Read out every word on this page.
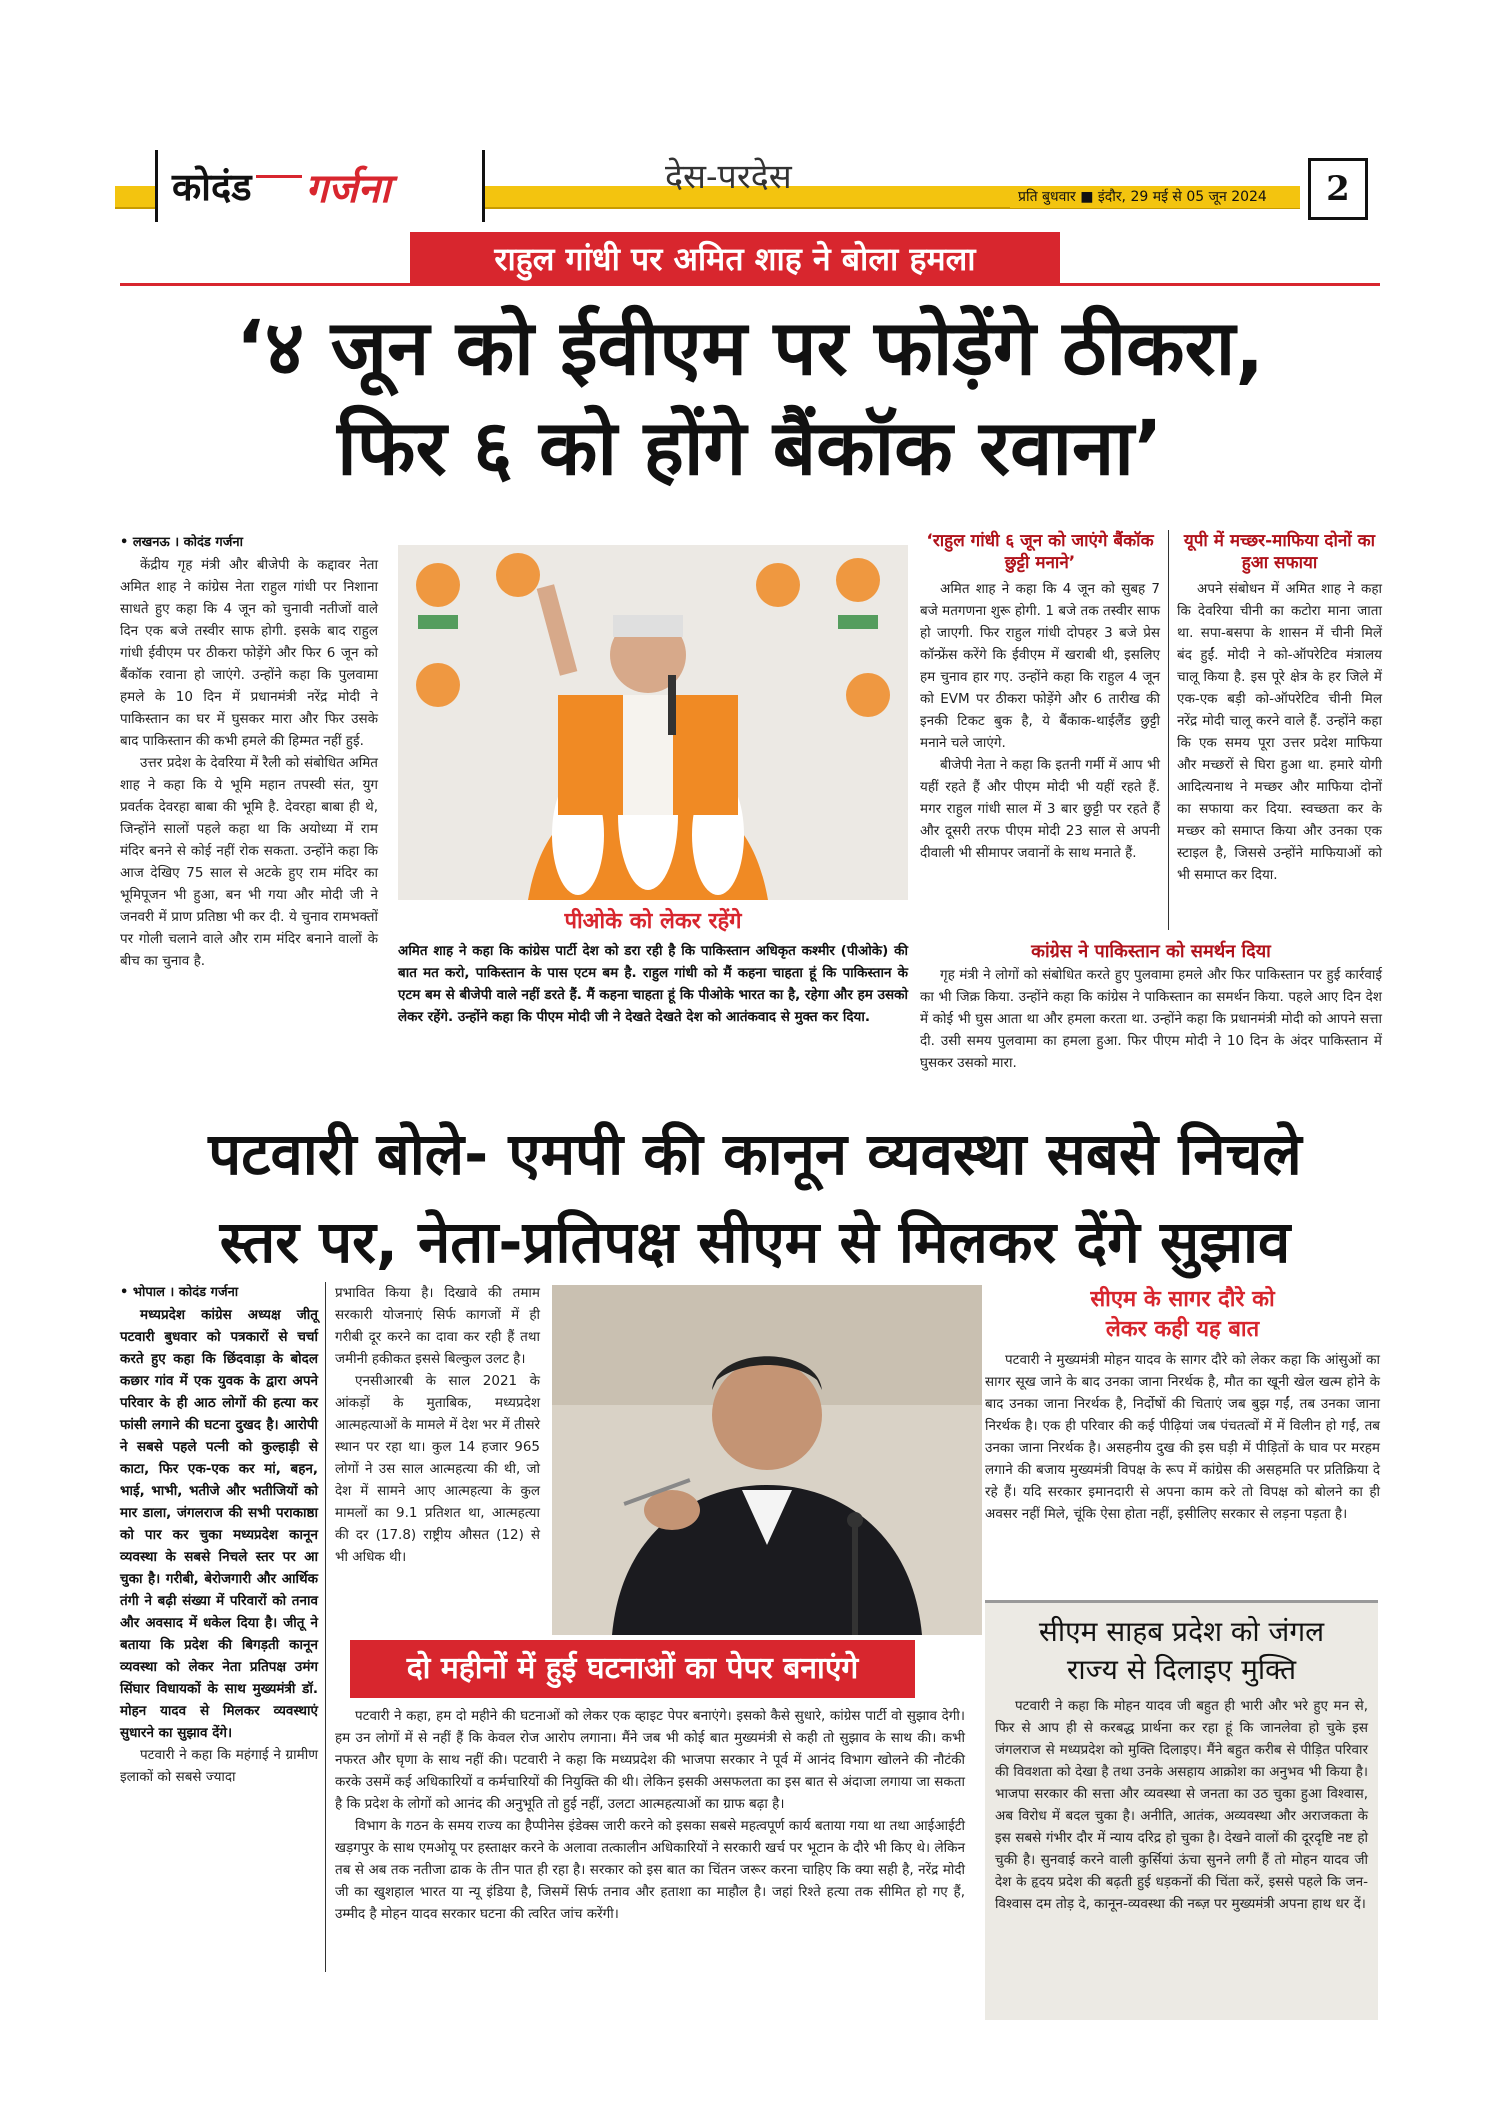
कोदंड गर्जना	देस-परदेस	प्रति बुधवार ■ इंदौर, 29 मई से 05 जून 2024	2
राहुल गांधी पर अमित शाह ने बोला हमला
‘४ जून को ईवीएम पर फोड़ेंगे ठीकरा,
फिर ६ को होंगे बैंकॉक रवाना’
• लखनऊ । कोदंड गर्जना

केंद्रीय गृह मंत्री और बीजेपी के कद्दावर नेता अमित शाह ने कांग्रेस नेता राहुल गांधी पर निशाना साधते हुए कहा कि 4 जून को चुनावी नतीजों वाले दिन एक बजे तस्वीर साफ होगी. इसके बाद राहुल गांधी ईवीएम पर ठीकरा फोड़ेंगे और फिर 6 जून को बैंकॉक रवाना हो जाएंगे. उन्होंने कहा कि पुलवामा हमले के 10 दिन में प्रधानमंत्री नरेंद्र मोदी ने पाकिस्तान का घर में घुसकर मारा और फिर उसके बाद पाकिस्तान की कभी हमले की हिम्मत नहीं हुई.

उत्तर प्रदेश के देवरिया में रैली को संबोधित अमित शाह ने कहा कि ये भूमि महान तपस्वी संत, युग प्रवर्तक देवरहा बाबा की भूमि है. देवरहा बाबा ही थे, जिन्होंने सालों पहले कहा था कि अयोध्या में राम मंदिर बनने से कोई नहीं रोक सकता. उन्होंने कहा कि आज देखिए 75 साल से अटके हुए राम मंदिर का भूमिपूजन भी हुआ, बन भी गया और मोदी जी ने जनवरी में प्राण प्रतिष्ठा भी कर दी. ये चुनाव रामभक्तों पर गोली चलाने वाले और राम मंदिर बनाने वालों के बीच का चुनाव है.

पीओके को लेकर रहेंगे
अमित शाह ने कहा कि कांग्रेस पार्टी देश को डरा रही है कि पाकिस्तान अधिकृत कश्मीर (पीओके) की बात मत करो, पाकिस्तान के पास एटम बम है. राहुल गांधी को मैं कहना चाहता हूं कि पाकिस्तान के एटम बम से बीजेपी वाले नहीं डरते हैं. मैं कहना चाहता हूं कि पीओके भारत का है, रहेगा और हम उसको लेकर रहेंगे. उन्होंने कहा कि पीएम मोदी जी ने देखते देखते देश को आतंकवाद से मुक्त कर दिया.
‘राहुल गांधी ६ जून को जाएंगे बैंकॉक छुट्टी मनाने’

अमित शाह ने कहा कि 4 जून को सुबह 7 बजे मतगणना शुरू होगी. 1 बजे तक तस्वीर साफ हो जाएगी. फिर राहुल गांधी दोपहर 3 बजे प्रेस कॉन्फ्रेंस करेंगे कि ईवीएम में खराबी थी, इसलिए हम चुनाव हार गए. उन्होंने कहा कि राहुल 4 जून को EVM पर ठीकरा फोड़ेंगे और 6 तारीख की इनकी टिकट बुक है, ये बैंकाक-थाईलैंड छुट्टी मनाने चले जाएंगे.

बीजेपी नेता ने कहा कि इतनी गर्मी में आप भी यहीं रहते हैं और पीएम मोदी भी यहीं रहते हैं. मगर राहुल गांधी साल में 3 बार छुट्टी पर रहते हैं और दूसरी तरफ पीएम मोदी 23 साल से अपनी दीवाली भी सीमापर जवानों के साथ मनाते हैं.

यूपी में मच्छर-माफिया दोनों का हुआ सफाया

अपने संबोधन में अमित शाह ने कहा कि देवरिया चीनी का कटोरा माना जाता था. सपा-बसपा के शासन में चीनी मिलें बंद हुईं. मोदी ने को-ऑपरेटिव मंत्रालय चालू किया है. इस पूरे क्षेत्र के हर जिले में एक-एक बड़ी को-ऑपरेटिव चीनी मिल नरेंद्र मोदी चालू करने वाले हैं. उन्होंने कहा कि एक समय पूरा उत्तर प्रदेश माफिया और मच्छरों से घिरा हुआ था. हमारे योगी आदित्यनाथ ने मच्छर और माफिया दोनों का सफाया कर दिया. स्वच्छता कर के मच्छर को समाप्त किया और उनका एक स्टाइल है, जिससे उन्होंने माफियाओं को भी समाप्त कर दिया.

कांग्रेस ने पाकिस्तान को समर्थन दिया

गृह मंत्री ने लोगों को संबोधित करते हुए पुलवामा हमले और फिर पाकिस्तान पर हुई कार्रवाई का भी जिक्र किया. उन्होंने कहा कि कांग्रेस ने पाकिस्तान का समर्थन किया. पहले आए दिन देश में कोई भी घुस आता था और हमला करता था. उन्होंने कहा कि प्रधानमंत्री मोदी को आपने सत्ता दी. उसी समय पुलवामा का हमला हुआ. फिर पीएम मोदी ने 10 दिन के अंदर पाकिस्तान में घुसकर उसको मारा.

पटवारी बोले- एमपी की कानून व्यवस्था सबसे निचले
स्तर पर, नेता-प्रतिपक्ष सीएम से मिलकर देंगे सुझाव
• भोपाल । कोदंड गर्जना

मध्यप्रदेश कांग्रेस अध्यक्ष जीतू पटवारी बुधवार को पत्रकारों से चर्चा करते हुए कहा कि छिंदवाड़ा के बोदल कछार गांव में एक युवक के द्वारा अपने परिवार के ही आठ लोगों की हत्या कर फांसी लगाने की घटना दुखद है। आरोपी ने सबसे पहले पत्नी को कुल्हाड़ी से काटा, फिर एक-एक कर मां, बहन, भाई, भाभी, भतीजे और भतीजियों को मार डाला, जंगलराज की सभी पराकाष्ठा को पार कर चुका मध्यप्रदेश कानून व्यवस्था के सबसे निचले स्तर पर आ चुका है। गरीबी, बेरोजगारी और आर्थिक तंगी ने बढ़ी संख्या में परिवारों को तनाव और अवसाद में धकेल दिया है। जीतू ने बताया कि प्रदेश की बिगड़ती कानून व्यवस्था को लेकर नेता प्रतिपक्ष उमंग सिंघार विधायकों के साथ मुख्यमंत्री डॉ. मोहन यादव से मिलकर व्यवस्थाएं सुधारने का सुझाव देंगे।

पटवारी ने कहा कि महंगाई ने ग्रामीण इलाकों को सबसे ज्यादा

प्रभावित किया है। दिखावे की तमाम सरकारी योजनाएं सिर्फ कागजों में ही गरीबी दूर करने का दावा कर रही हैं तथा जमीनी हकीकत इससे बिल्कुल उलट है।

एनसीआरबी के साल 2021 के आंकड़ों के मुताबिक, मध्यप्रदेश आत्महत्याओं के मामले में देश भर में तीसरे स्थान पर रहा था। कुल 14 हजार 965 लोगों ने उस साल आत्महत्या की थी, जो देश में सामने आए आत्महत्या के कुल मामलों का 9.1 प्रतिशत था, आत्महत्या की दर (17.8) राष्ट्रीय औसत (12) से भी अधिक थी।

दो महीनों में हुई घटनाओं का पेपर बनाएंगे

पटवारी ने कहा, हम दो महीने की घटनाओं को लेकर एक व्हाइट पेपर बनाएंगे। इसको कैसे सुधारे, कांग्रेस पार्टी वो सुझाव देगी। हम उन लोगों में से नहीं हैं कि केवल रोज आरोप लगाना। मैंने जब भी कोई बात मुख्यमंत्री से कही तो सुझाव के साथ की। कभी नफरत और घृणा के साथ नहीं की। पटवारी ने कहा कि मध्यप्रदेश की भाजपा सरकार ने पूर्व में आनंद विभाग खोलने की नौटंकी करके उसमें कई अधिकारियों व कर्मचारियों की नियुक्ति की थी। लेकिन इसकी असफलता का इस बात से अंदाजा लगाया जा सकता है कि प्रदेश के लोगों को आनंद की अनुभूति तो हुई नहीं, उलटा आत्महत्याओं का ग्राफ बढ़ा है।

विभाग के गठन के समय राज्य का हैप्पीनेस इंडेक्स जारी करने को इसका सबसे महत्वपूर्ण कार्य बताया गया था तथा आईआईटी खड़गपुर के साथ एमओयू पर हस्ताक्षर करने के अलावा तत्कालीन अधिकारियों ने सरकारी खर्च पर भूटान के दौरे भी किए थे। लेकिन तब से अब तक नतीजा ढाक के तीन पात ही रहा है। सरकार को इस बात का चिंतन जरूर करना चाहिए कि क्या सही है, नरेंद्र मोदी जी का खुशहाल भारत या न्यू इंडिया है, जिसमें सिर्फ तनाव और हताशा का माहौल है। जहां रिश्ते हत्या तक सीमित हो गए हैं, उम्मीद है मोहन यादव सरकार घटना की त्वरित जांच करेंगी।

सीएम के सागर दौरे को
लेकर कही यह बात

पटवारी ने मुख्यमंत्री मोहन यादव के सागर दौरे को लेकर कहा कि आंसुओं का सागर सूख जाने के बाद उनका जाना निरर्थक है, मौत का खूनी खेल खत्म होने के बाद उनका जाना निरर्थक है, निर्दोषों की चिताएं जब बुझ गईं, तब उनका जाना निरर्थक है। एक ही परिवार की कई पीढ़ियां जब पंचतत्वों में में विलीन हो गईं, तब उनका जाना निरर्थक है। असहनीय दुख की इस घड़ी में पीड़ितों के घाव पर मरहम लगाने की बजाय मुख्यमंत्री विपक्ष के रूप में कांग्रेस की असहमति पर प्रतिक्रिया दे रहे हैं। यदि सरकार इमानदारी से अपना काम करे तो विपक्ष को बोलने का ही अवसर नहीं मिले, चूंकि ऐसा होता नहीं, इसीलिए सरकार से लड़ना पड़ता है।

सीएम साहब प्रदेश को जंगल
राज्य से दिलाइए मुक्ति

पटवारी ने कहा कि मोहन यादव जी बहुत ही भारी और भरे हुए मन से, फिर से आप ही से करबद्ध प्रार्थना कर रहा हूं कि जानलेवा हो चुके इस जंगलराज से मध्यप्रदेश को मुक्ति दिलाइए। मैंने बहुत करीब से पीड़ित परिवार की विवशता को देखा है तथा उनके असहाय आक्रोश का अनुभव भी किया है। भाजपा सरकार की सत्ता और व्यवस्था से जनता का उठ चुका हुआ विश्वास, अब विरोध में बदल चुका है। अनीति, आतंक, अव्यवस्था और अराजकता के इस सबसे गंभीर दौर में न्याय दरिद्र हो चुका है। देखने वालों की दूरदृष्टि नष्ट हो चुकी है। सुनवाई करने वाली कुर्सियां ऊंचा सुनने लगी हैं तो मोहन यादव जी देश के हृदय प्रदेश की बढ़ती हुई धड़कनों की चिंता करें, इससे पहले कि जन-विश्वास दम तोड़ दे, कानून-व्यवस्था की नब्ज़ पर मुख्यमंत्री अपना हाथ धर दें।
